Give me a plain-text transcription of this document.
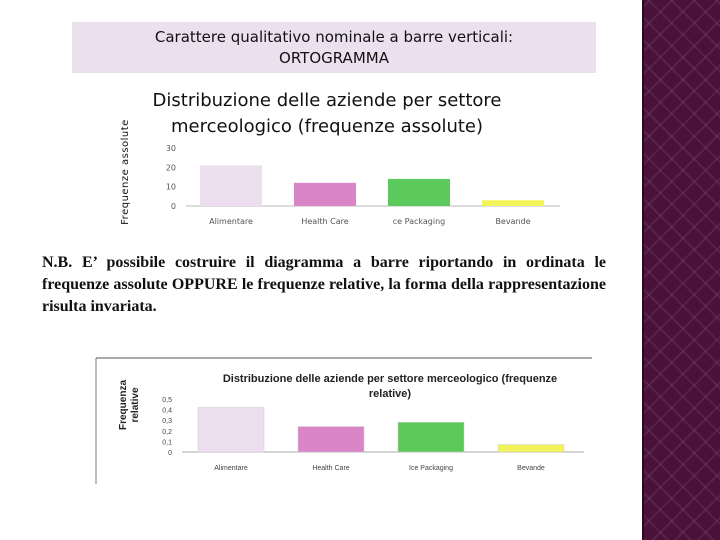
Carattere qualitativo nominale a barre verticali:
ORTOGRAMMA
Distribuzione delle aziende per settore
merceologico (frequenze assolute)
Frequenze assolute	30
20
10
0
Alimentare	Health Care	ce Packaging	Bevande

N.B. E’ possibile costruire il diagramma a barre riportando in ordinata le frequenze assolute OPPURE le frequenze relative, la forma della rappresentazione risulta invariata.

Distribuzione delle aziende per settore merceologico (frequenze
relative)
Frequenza relative	0,5
0,4
0,3
0,2
0,1
0
Alimentare	Health Care	Ice Packaging	Bevande
